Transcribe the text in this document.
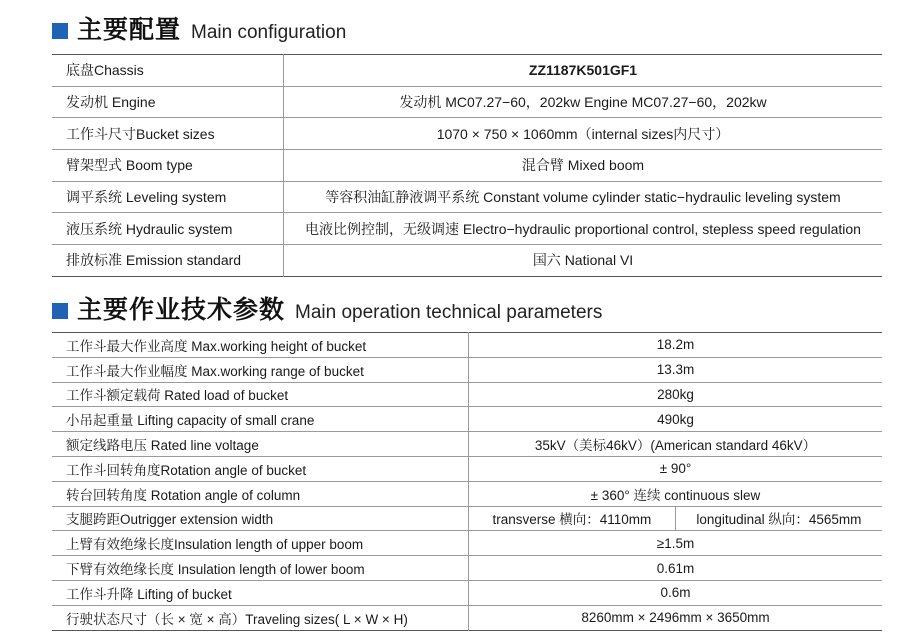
主要配置 Main configuration
底盘Chassis	ZZ1187K501GF1
发动机 Engine	发动机 MC07.27−60，202kw Engine MC07.27−60，202kw
工作斗尺寸Bucket sizes	1070 × 750 × 1060mm（internal sizes内尺寸）
臂架型式 Boom type	混合臂 Mixed boom
调平系统 Leveling system	等容积油缸静液调平系统 Constant volume cylinder static−hydraulic leveling system
液压系统 Hydraulic system	电液比例控制，无级调速 Electro−hydraulic proportional control, stepless speed regulation
排放标准 Emission standard	国六 National VI
主要作业技术参数 Main operation technical parameters
工作斗最大作业高度 Max.working height of bucket	18.2m	
工作斗最大作业幅度 Max.working range of bucket	13.3m	
工作斗额定载荷 Rated load of bucket	280kg	
小吊起重量 Lifting capacity of small crane	490kg	
额定线路电压 Rated line voltage	35kV（美标46kV）(American standard 46kV）	
工作斗回转角度Rotation angle of bucket	± 90°	
转台回转角度 Rotation angle of column	± 360° 连续 continuous slew	
支腿跨距Outrigger extension width	transverse 横向：4110mm	longitudinal 纵向：4565mm
上臂有效绝缘长度Insulation length of upper boom	≥1.5m	
下臂有效绝缘长度 Insulation length of lower boom	0.61m	
工作斗升降 Lifting of bucket	0.6m	
行驶状态尺寸（长 × 宽 × 高）Traveling sizes( L × W × H)	8260mm × 2496mm × 3650mm	
